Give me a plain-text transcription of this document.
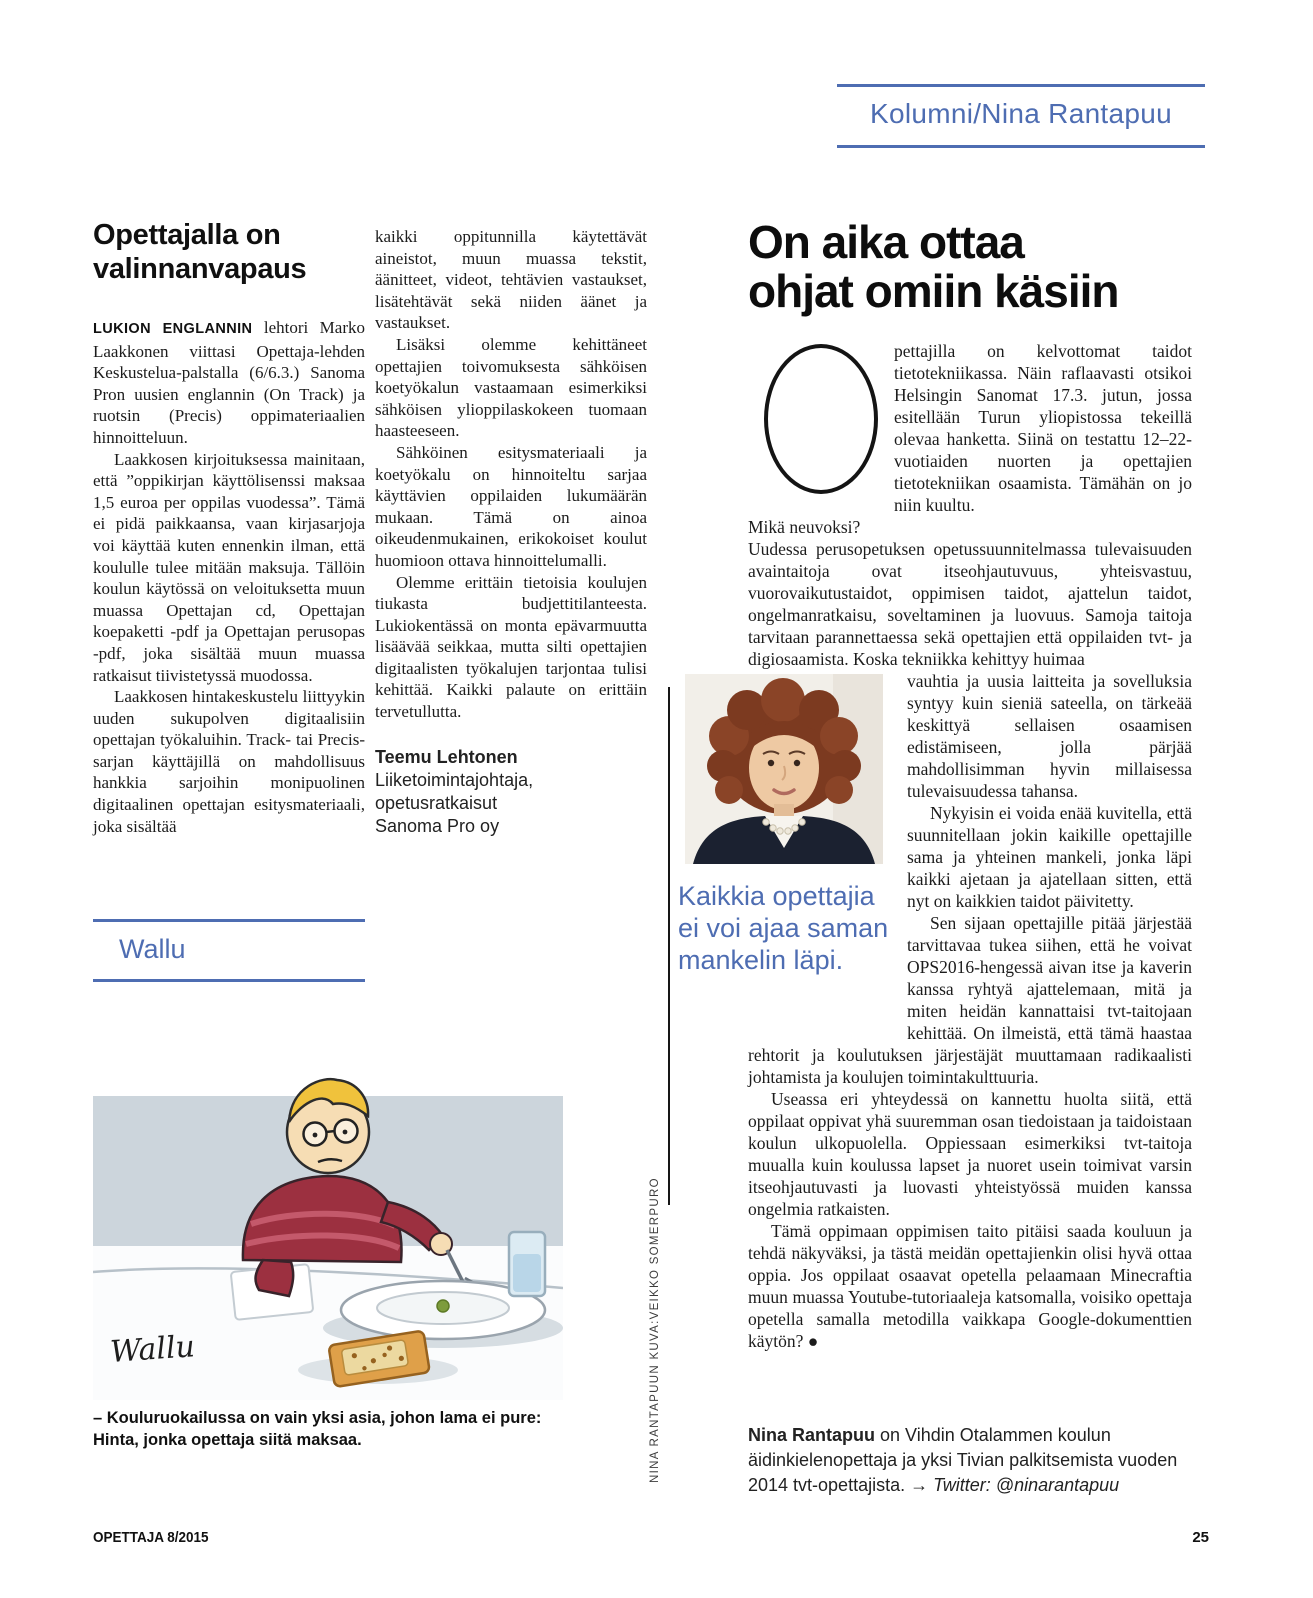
Kolumni/Nina Rantapuu
Opettajalla on valinnanvapaus

LUKION ENGLANNIN lehtori Marko Laakkonen viittasi Opettaja-lehden Keskustelua-palstalla (6/6.3.) Sanoma Pron uusien englannin (On Track) ja ruotsin (Precis) oppimateriaalien hinnoitteluun.

Laakkosen kirjoituksessa mainitaan, että ”oppikirjan käyttölisenssi maksaa 1,5 euroa per oppilas vuodessa”. Tämä ei pidä paikkaansa, vaan kirjasarjoja voi käyttää kuten ennenkin ilman, että koululle tulee mitään maksuja. Tällöin koulun käytössä on veloituksetta muun muassa Opettajan cd, Opettajan koepaketti -pdf ja Opettajan perusopas -pdf, joka sisältää muun muassa ratkaisut tiivistetyssä muodossa.

Laakkosen hintakeskustelu liittyykin uuden sukupolven digitaalisiin opettajan työkaluihin. Track- tai Precis-sarjan käyttäjillä on mahdollisuus hankkia sarjoihin monipuolinen digitaalinen opettajan esitysmateriaali, joka sisältää

kaikki oppitunnilla käytettävät aineistot, muun muassa tekstit, äänitteet, videot, tehtävien vastaukset, lisätehtävät sekä niiden äänet ja vastaukset.

Lisäksi olemme kehittäneet opettajien toivomuksesta sähköisen koetyökalun vastaamaan esimerkiksi sähköisen ylioppilaskokeen tuomaan haasteeseen.

Sähköinen esitysmateriaali ja koetyökalu on hinnoiteltu sarjaa käyttävien oppilaiden lukumäärän mukaan. Tämä on ainoa oikeudenmukainen, erikokoiset koulut huomioon ottava hinnoittelumalli.

Olemme erittäin tietoisia koulujen tiukasta budjettitilanteesta. Lukiokentässä on monta epävarmuutta lisäävää seikkaa, mutta silti opettajien digitaalisten työkalujen tarjontaa tulisi kehittää. Kaikki palaute on erittäin tervetullutta.

Teemu Lehtonen
Liiketoimintajohtaja,
opetusratkaisut
Sanoma Pro oy
Wallu
Wallu
– Kouluruokailussa on vain yksi asia, johon lama ei pure:
Hinta, jonka opettaja siitä maksaa.
On aika ottaa
ohjat omiin käsiin

pettajilla on kelvottomat taidot tietotekniikassa. Näin raflaavasti otsikoi Helsingin Sanomat 17.3. jutun, jossa esitellään Turun yliopistossa tekeillä olevaa hanketta. Siinä on testattu 12–22-vuotiaiden nuorten ja opettajien tietotekniikan osaamista. Tämähän on jo niin kuultu.

Mikä neuvoksi?

Uudessa perusopetuksen opetussuunnitelmassa tulevaisuuden avaintaitoja ovat itseohjautuvuus, yhteisvastuu, vuorovaikutustaidot, oppimisen taidot, ajattelun taidot, ongelmanratkaisu, soveltaminen ja luovuus. Samoja taitoja tarvitaan parannettaessa sekä opettajien että oppilaiden tvt- ja digiosaamista. Koska tekniikka kehittyy huimaa

Kaikkia opettajia ei voi ajaa saman mankelin läpi.

vauhtia ja uusia laitteita ja sovelluksia syntyy kuin sieniä sateella, on tärkeää keskittyä sellaisen osaamisen edistämiseen, jolla pärjää mahdollisimman hyvin millaisessa tulevaisuudessa tahansa.

Nykyisin ei voida enää kuvitella, että suunnitellaan jokin kaikille opettajille sama ja yhteinen mankeli, jonka läpi kaikki ajetaan ja ajatellaan sitten, että nyt on kaikkien taidot päivitetty.

Sen sijaan opettajille pitää järjestää tarvittavaa tukea siihen, että he voivat OPS2016-hengessä aivan itse ja kaverin kanssa ryhtyä ajattelemaan, mitä ja miten heidän kannattaisi tvt-taitojaan kehittää. On ilmeistä, että tämä haastaa rehtorit ja koulutuksen järjestäjät muuttamaan radikaalisti johtamista ja koulujen toimintakulttuuria.

Useassa eri yhteydessä on kannettu huolta siitä, että oppilaat oppivat yhä suuremman osan tiedoistaan ja taidoistaan koulun ulkopuolella. Oppiessaan esimerkiksi tvt-taitoja muualla kuin koulussa lapset ja nuoret usein toimivat varsin itseohjautuvasti ja luovasti yhteistyössä muiden kanssa ongelmia ratkaisten.

Tämä oppimaan oppimisen taito pitäisi saada kouluun ja tehdä näkyväksi, ja tästä meidän opettajienkin olisi hyvä ottaa oppia. Jos oppilaat osaavat opetella pelaamaan Minecraftia muun muassa Youtube-tutoriaaleja katsomalla, voisiko opettaja opetella samalla metodilla vaikkapa Google-dokumenttien käytön? ●

NINA RANTAPUUN KUVA:VEIKKO SOMERPURO	Nina Rantapuu on Vihdin Otalammen koulun äidinkielenopettaja ja yksi Tivian palkitsemista vuoden 2014 tvt-opettajista. → Twitter: @ninarantapuu
OPETTAJA 8/2015	25
